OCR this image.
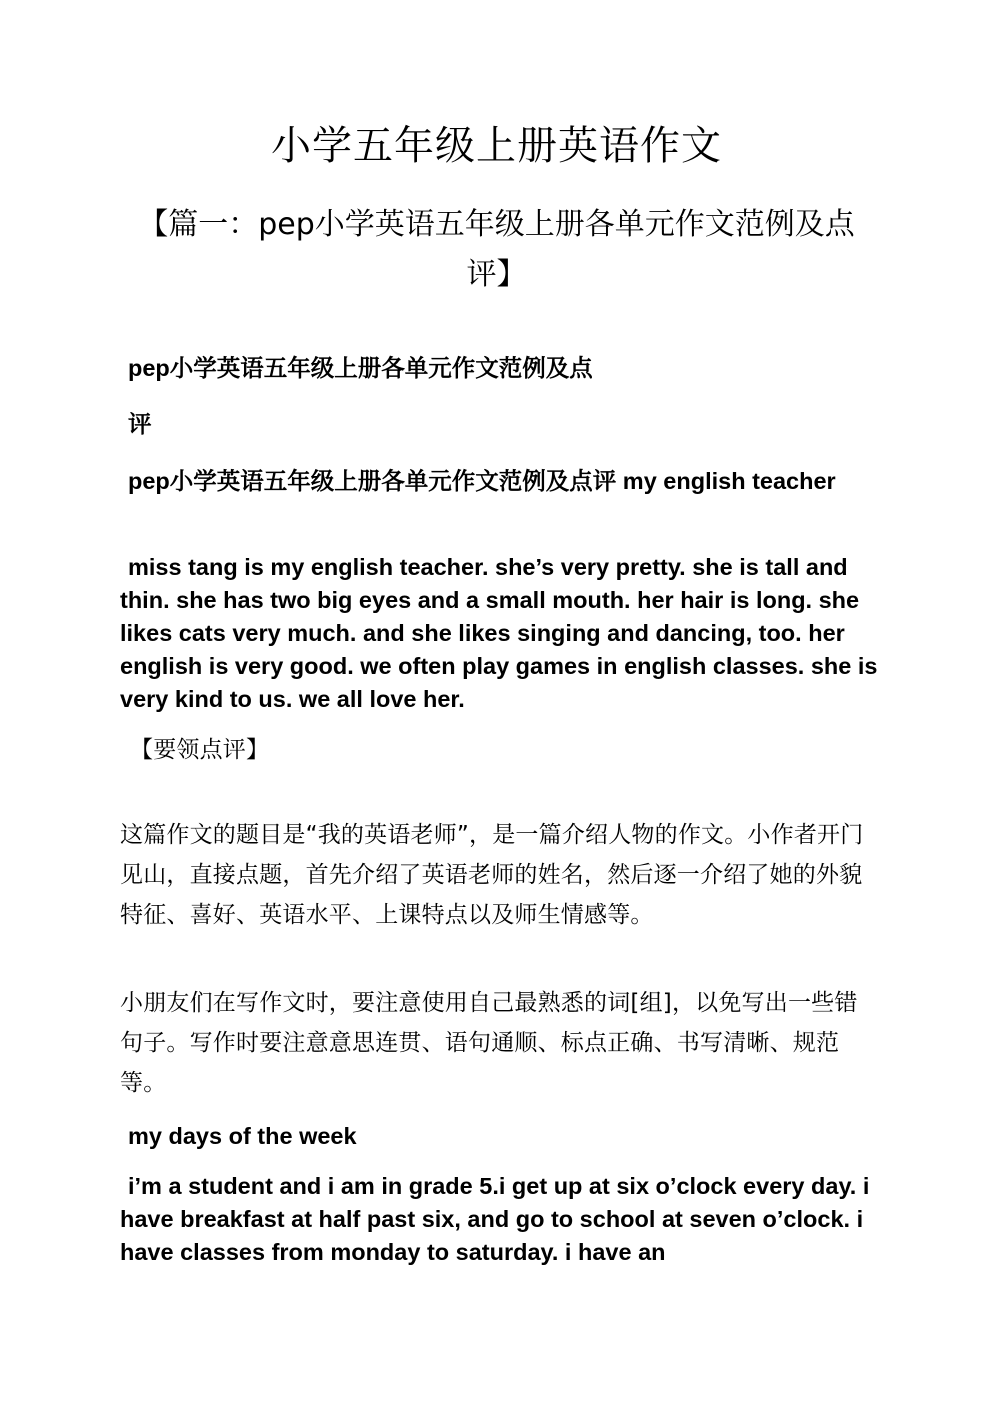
小学五年级上册英语作文
【篇一：pep小学英语五年级上册各单元作文范例及点评】

pep小学英语五年级上册各单元作文范例及点

评

pep小学英语五年级上册各单元作文范例及点评 my english teacher

miss tang is my english teacher. she’s very pretty. she is tall and thin. she has two big eyes and a small mouth. her hair is long. she likes cats very much. and she likes singing and dancing, too. her english is very good. we often play games in english classes. she is very kind to us. we all love her.

【要领点评】

这篇作文的题目是“我的英语老师”，是一篇介绍人物的作文。小作者开门见山，直接点题，首先介绍了英语老师的姓名，然后逐一介绍了她的外貌特征、喜好、英语水平、上课特点以及师生情感等。

小朋友们在写作文时，要注意使用自己最熟悉的词[组]，以免写出一些错句子。写作时要注意意思连贯、语句通顺、标点正确、书写清晰、规范等。

my days of the week

i’m a student and i am in grade 5.i get up at six o’clock every day. i have breakfast at half past six, and go to school at seven o’clock. i have classes from monday to saturday. i have an
